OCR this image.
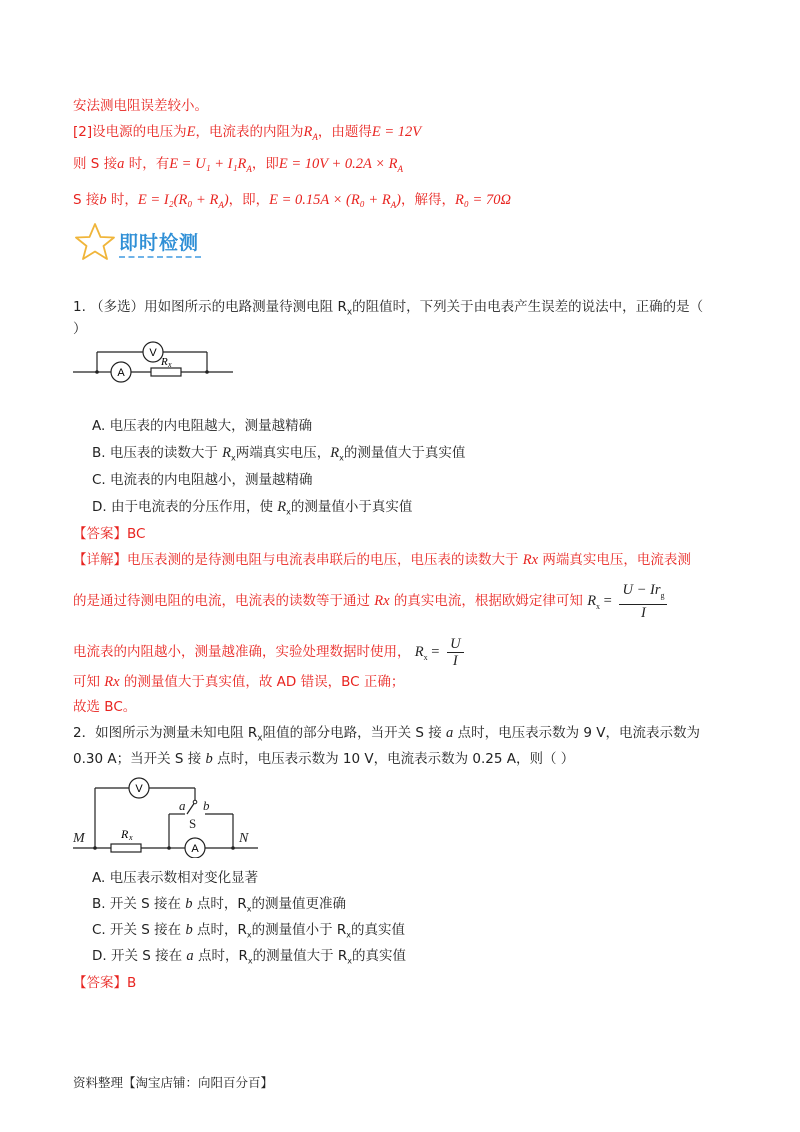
安法测电阻误差较小。
[2]设电源的电压为E，电流表的内阻为$R_A$，由题得E = 12V
则 S 接a 时，有$E = U_1 + I_1R_A$，即$E = 10V + 0.2A \times R_A$
S 接b 时，$E = I_2(R_0 + R_A)$，即，$E = 0.15A \times (R_0 + R_A)$，解得，R₀ = 70Ω
即时检测
1. （多选）用如图所示的电路测量待测电阻 $R_x$的阻值时，下列关于由电表产生误差的说法中，正确的是（
）
V
A
R x
A. 电压表的内电阻越大，测量越精确
B. 电压表的读数大于 $R_x$两端真实电压，$R_x$的测量值大于真实值
C. 电流表的内电阻越小，测量越精确
D. 由于电流表的分压作用，使 $R_x$的测量值小于真实值
【答案】BC
【详解】电压表测的是待测电阻与电流表串联后的电压，电压表的读数大于 Rx 两端真实电压，电流表测
的是通过待测电阻的电流，电流表的读数等于通过 Rx 的真实电流，根据欧姆定律可知 $R_x = \frac{U - Ir_g}{I}$
电流表的内阻越小，测量越准确，实验处理数据时使用， $R_x = \frac{U}{I}$
可知 Rx 的测量值大于真实值，故 AD 错误，BC 正确；
故选 BC。
2．如图所示为测量未知电阻 $R_x$阻值的部分电路，当开关 S 接 a 点时，电压表示数为 9 V，电流表示数为
0.30 A；当开关 S 接 b 点时，电压表示数为 10 V，电流表示数为 0.25 A，则（ ）
M	N
a b
S
V
A
R x
A. 电压表示数相对变化显著
B. 开关 S 接在 b 点时，$R_x$的测量值更准确
C. 开关 S 接在 b 点时，$R_x$的测量值小于 $R_x$的真实值
D. 开关 S 接在 a 点时，$R_x$的测量值大于 $R_x$的真实值
【答案】B
资料整理【淘宝店铺：向阳百分百】
